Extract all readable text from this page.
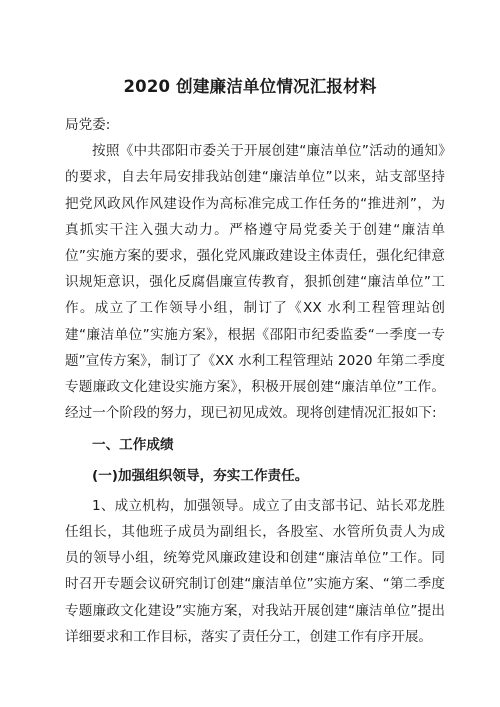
2020 创建廉洁单位情况汇报材料

局党委:

按照《中共邵阳市委关于开展创建“廉洁单位”活动的通知》的要求，自去年局安排我站创建“廉洁单位”以来，站支部坚持把党风政风作风建设作为高标准完成工作任务的“推进剂”，为真抓实干注入强大动力。严格遵守局党委关于创建“廉洁单位”实施方案的要求，强化党风廉政建设主体责任，强化纪律意识规矩意识，强化反腐倡廉宣传教育，狠抓创建“廉洁单位”工作。成立了工作领导小组，制订了《XX 水利工程管理站创建“廉洁单位”实施方案》，根据《邵阳市纪委监委“一季度一专题”宣传方案》，制订了《XX 水利工程管理站 2020 年第二季度专题廉政文化建设实施方案》，积极开展创建“廉洁单位”工作。经过一个阶段的努力，现已初见成效。现将创建情况汇报如下:

一、工作成绩

(一)加强组织领导，夯实工作责任。

1、成立机构，加强领导。成立了由支部书记、站长邓龙胜任组长，其他班子成员为副组长，各股室、水管所负责人为成员的领导小组，统筹党风廉政建设和创建“廉洁单位”工作。同时召开专题会议研究制订创建“廉洁单位”实施方案、“第二季度专题廉政文化建设”实施方案，对我站开展创建“廉洁单位”提出详细要求和工作目标，落实了责任分工，创建工作有序开展。
